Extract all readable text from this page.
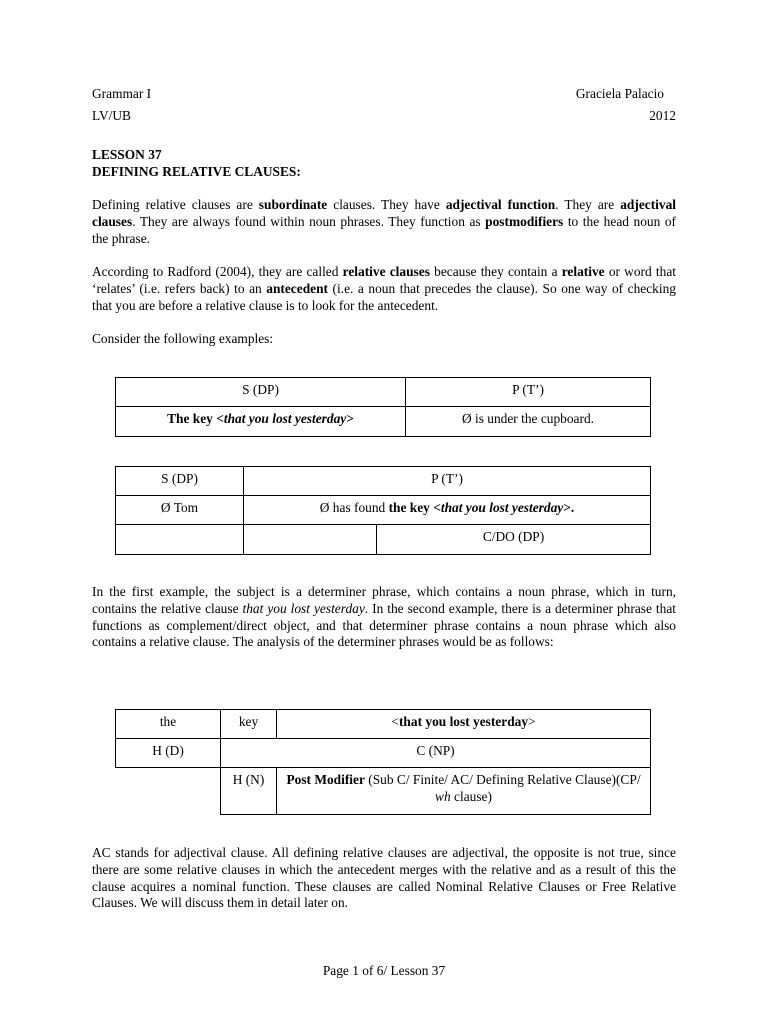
Grammar I	Graciela Palacio
LV/UB	2012
LESSON 37
DEFINING RELATIVE CLAUSES:

Defining relative clauses are subordinate clauses. They have adjectival function. They are adjectival clauses. They are always found within noun phrases. They function as postmodifiers to the head noun of the phrase.

According to Radford (2004), they are called relative clauses because they contain a relative or word that ‘relates’ (i.e. refers back) to an antecedent (i.e. a noun that precedes the clause). So one way of checking that you are before a relative clause is to look for the antecedent.

Consider the following examples:
S (DP)	P (T’)
The key <that you lost yesterday>	Ø is under the cupboard.
S (DP)	P (T’)	
Ø Tom	Ø has found the key <that you lost yesterday>.	
		C/DO (DP)

In the first example, the subject is a determiner phrase, which contains a noun phrase, which in turn, contains the relative clause that you lost yesterday. In the second example, there is a determiner phrase that functions as complement/direct object, and that determiner phrase contains a noun phrase which also contains a relative clause. The analysis of the determiner phrases would be as follows:

the	key	<that you lost yesterday>
H (D)	C (NP)	
	H (N)	Post Modifier (Sub C/ Finite/ AC/ Defining Relative Clause)(CP/ wh clause)

AC stands for adjectival clause. All defining relative clauses are adjectival, the opposite is not true, since there are some relative clauses in which the antecedent merges with the relative and as a result of this the clause acquires a nominal function. These clauses are called Nominal Relative Clauses or Free Relative Clauses. We will discuss them in detail later on.

Page 1 of 6/ Lesson 37
